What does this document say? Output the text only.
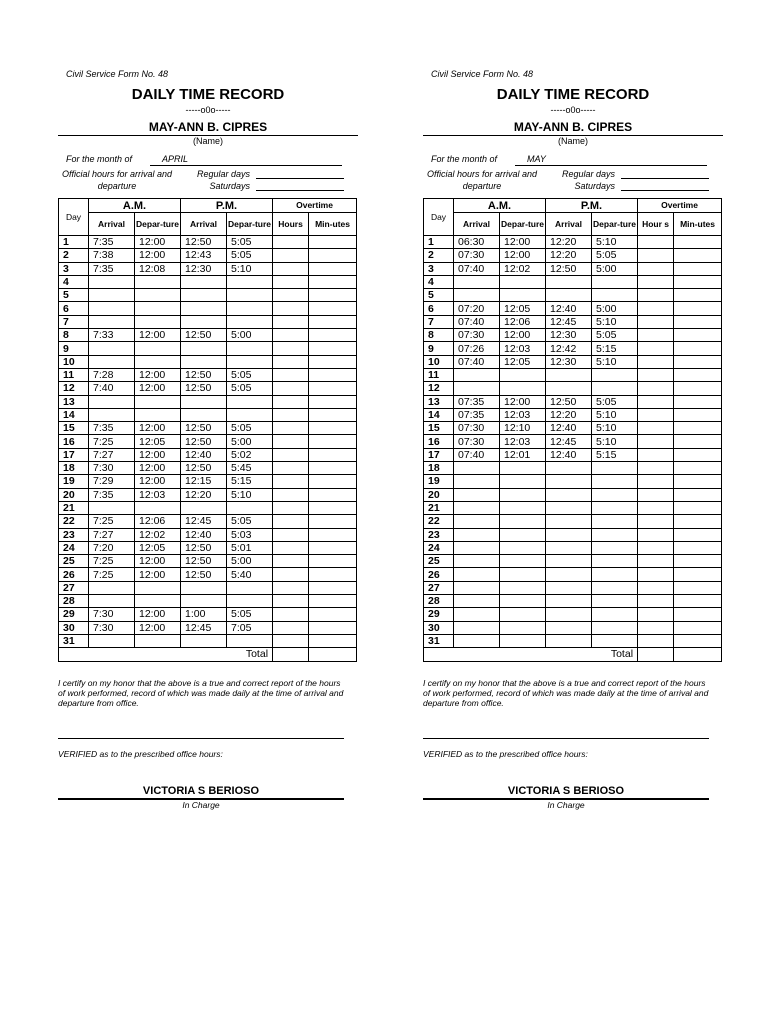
Civil Service Form No. 48
DAILY TIME RECORD
-----o0o-----
MAY-ANN B. CIPRES
(Name)
For the month of	APRIL
Official hours for arrival and departure
Regular days
Saturdays
Day	A.M.		P.M.		Overtime	
	Arrival	Depar-ture	Arrival	Depar-ture	Hours	Min-utes
1	7:35	12:00	12:50	5:05		
2	7:38	12:00	12:43	5:05		
3	7:35	12:08	12:30	5:10		
4						
5						
6						
7						
8	7:33	12:00	12:50	5:00		
9						
10						
11	7:28	12:00	12:50	5:05		
12	7:40	12:00	12:50	5:05		
13						
14						
15	7:35	12:00	12:50	5:05		
16	7:25	12:05	12:50	5:00		
17	7:27	12:00	12:40	5:02		
18	7:30	12:00	12:50	5:45		
19	7:29	12:00	12:15	5:15		
20	7:35	12:03	12:20	5:10		
21						
22	7:25	12:06	12:45	5:05		
23	7:27	12:02	12:40	5:03		
24	7:20	12:05	12:50	5:01		
25	7:25	12:00	12:50	5:00		
26	7:25	12:00	12:50	5:40		
27						
28						
29	7:30	12:00	1:00	5:05		
30	7:30	12:00	12:45	7:05		
31						
				Total		
I certify on my honor that the above is a true and correct report of the hours of work performed, record of which was made daily at the time of arrival and departure from office.
VERIFIED as to the prescribed office hours:
VICTORIA S BERIOSO
In Charge
Civil Service Form No. 48
DAILY TIME RECORD
-----o0o-----
MAY-ANN B. CIPRES
(Name)
For the month of	MAY
Official hours for arrival and departure
Regular days
Saturdays
Day	A.M.		P.M.		Overtime	
	Arrival	Depar-ture	Arrival	Depar-ture	Hour s	Min-utes
1	06:30	12:00	12:20	5:10		
2	07:30	12:00	12:20	5:05		
3	07:40	12:02	12:50	5:00		
4						
5						
6	07:20	12:05	12:40	5:00		
7	07:40	12:06	12:45	5:10		
8	07:30	12:00	12:30	5:05		
9	07:26	12:03	12:42	5:15		
10	07:40	12:05	12:30	5:10		
11						
12						
13	07:35	12:00	12:50	5:05		
14	07:35	12:03	12:20	5:10		
15	07:30	12:10	12:40	5:10		
16	07:30	12:03	12:45	5:10		
17	07:40	12:01	12:40	5:15		
18						
19						
20						
21						
22						
23						
24						
25						
26						
27						
28						
29						
30						
31						
				Total		
I certify on my honor that the above is a true and correct report of the hours of work performed, record of which was made daily at the time of arrival and departure from office.
VERIFIED as to the prescribed office hours:
VICTORIA S BERIOSO
In Charge
